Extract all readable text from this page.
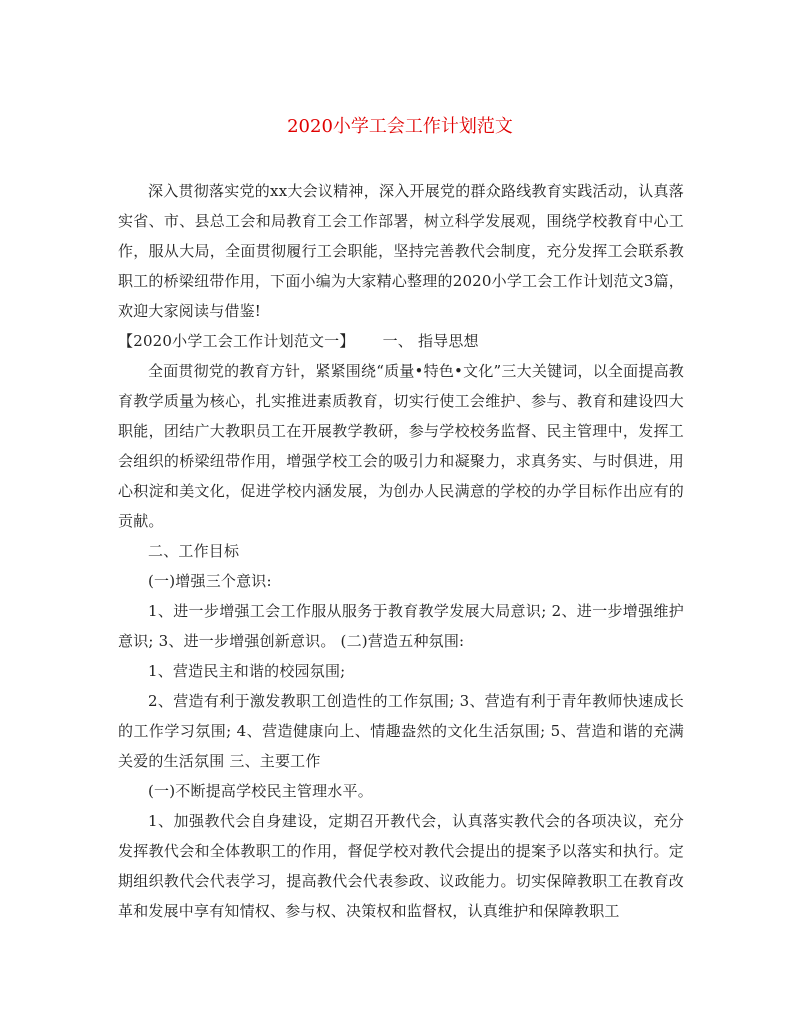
2020小学工会工作计划范文

深入贯彻落实党的xx大会议精神，深入开展党的群众路线教育实践活动，认真落实省、市、县总工会和局教育工会工作部署，树立科学发展观，围绕学校教育中心工作，服从大局，全面贯彻履行工会职能，坚持完善教代会制度，充分发挥工会联系教职工的桥梁纽带作用，下面小编为大家精心整理的2020小学工会工作计划范文3篇，欢迎大家阅读与借鉴!

【2020小学工会工作计划范文一】 一、 指导思想

全面贯彻党的教育方针，紧紧围绕“质量•特色•文化”三大关键词，以全面提高教育教学质量为核心，扎实推进素质教育，切实行使工会维护、参与、教育和建设四大职能，团结广大教职员工在开展教学教研，参与学校校务监督、民主管理中，发挥工会组织的桥梁纽带作用，增强学校工会的吸引力和凝聚力，求真务实、与时俱进，用心积淀和美文化，促进学校内涵发展，为创办人民满意的学校的办学目标作出应有的贡献。

二、工作目标

(一)增强三个意识:

1、进一步增强工会工作服从服务于教育教学发展大局意识; 2、进一步增强维护意识; 3、进一步增强创新意识。 (二)营造五种氛围:

1、营造民主和谐的校园氛围;

2、营造有利于激发教职工创造性的工作氛围; 3、营造有利于青年教师快速成长的工作学习氛围; 4、营造健康向上、情趣盎然的文化生活氛围; 5、营造和谐的充满关爱的生活氛围 三、主要工作

(一)不断提高学校民主管理水平。

1、加强教代会自身建设，定期召开教代会，认真落实教代会的各项决议，充分发挥教代会和全体教职工的作用，督促学校对教代会提出的提案予以落实和执行。定期组织教代会代表学习，提高教代会代表参政、议政能力。切实保障教职工在教育改革和发展中享有知情权、参与权、决策权和监督权，认真维护和保障教职工
